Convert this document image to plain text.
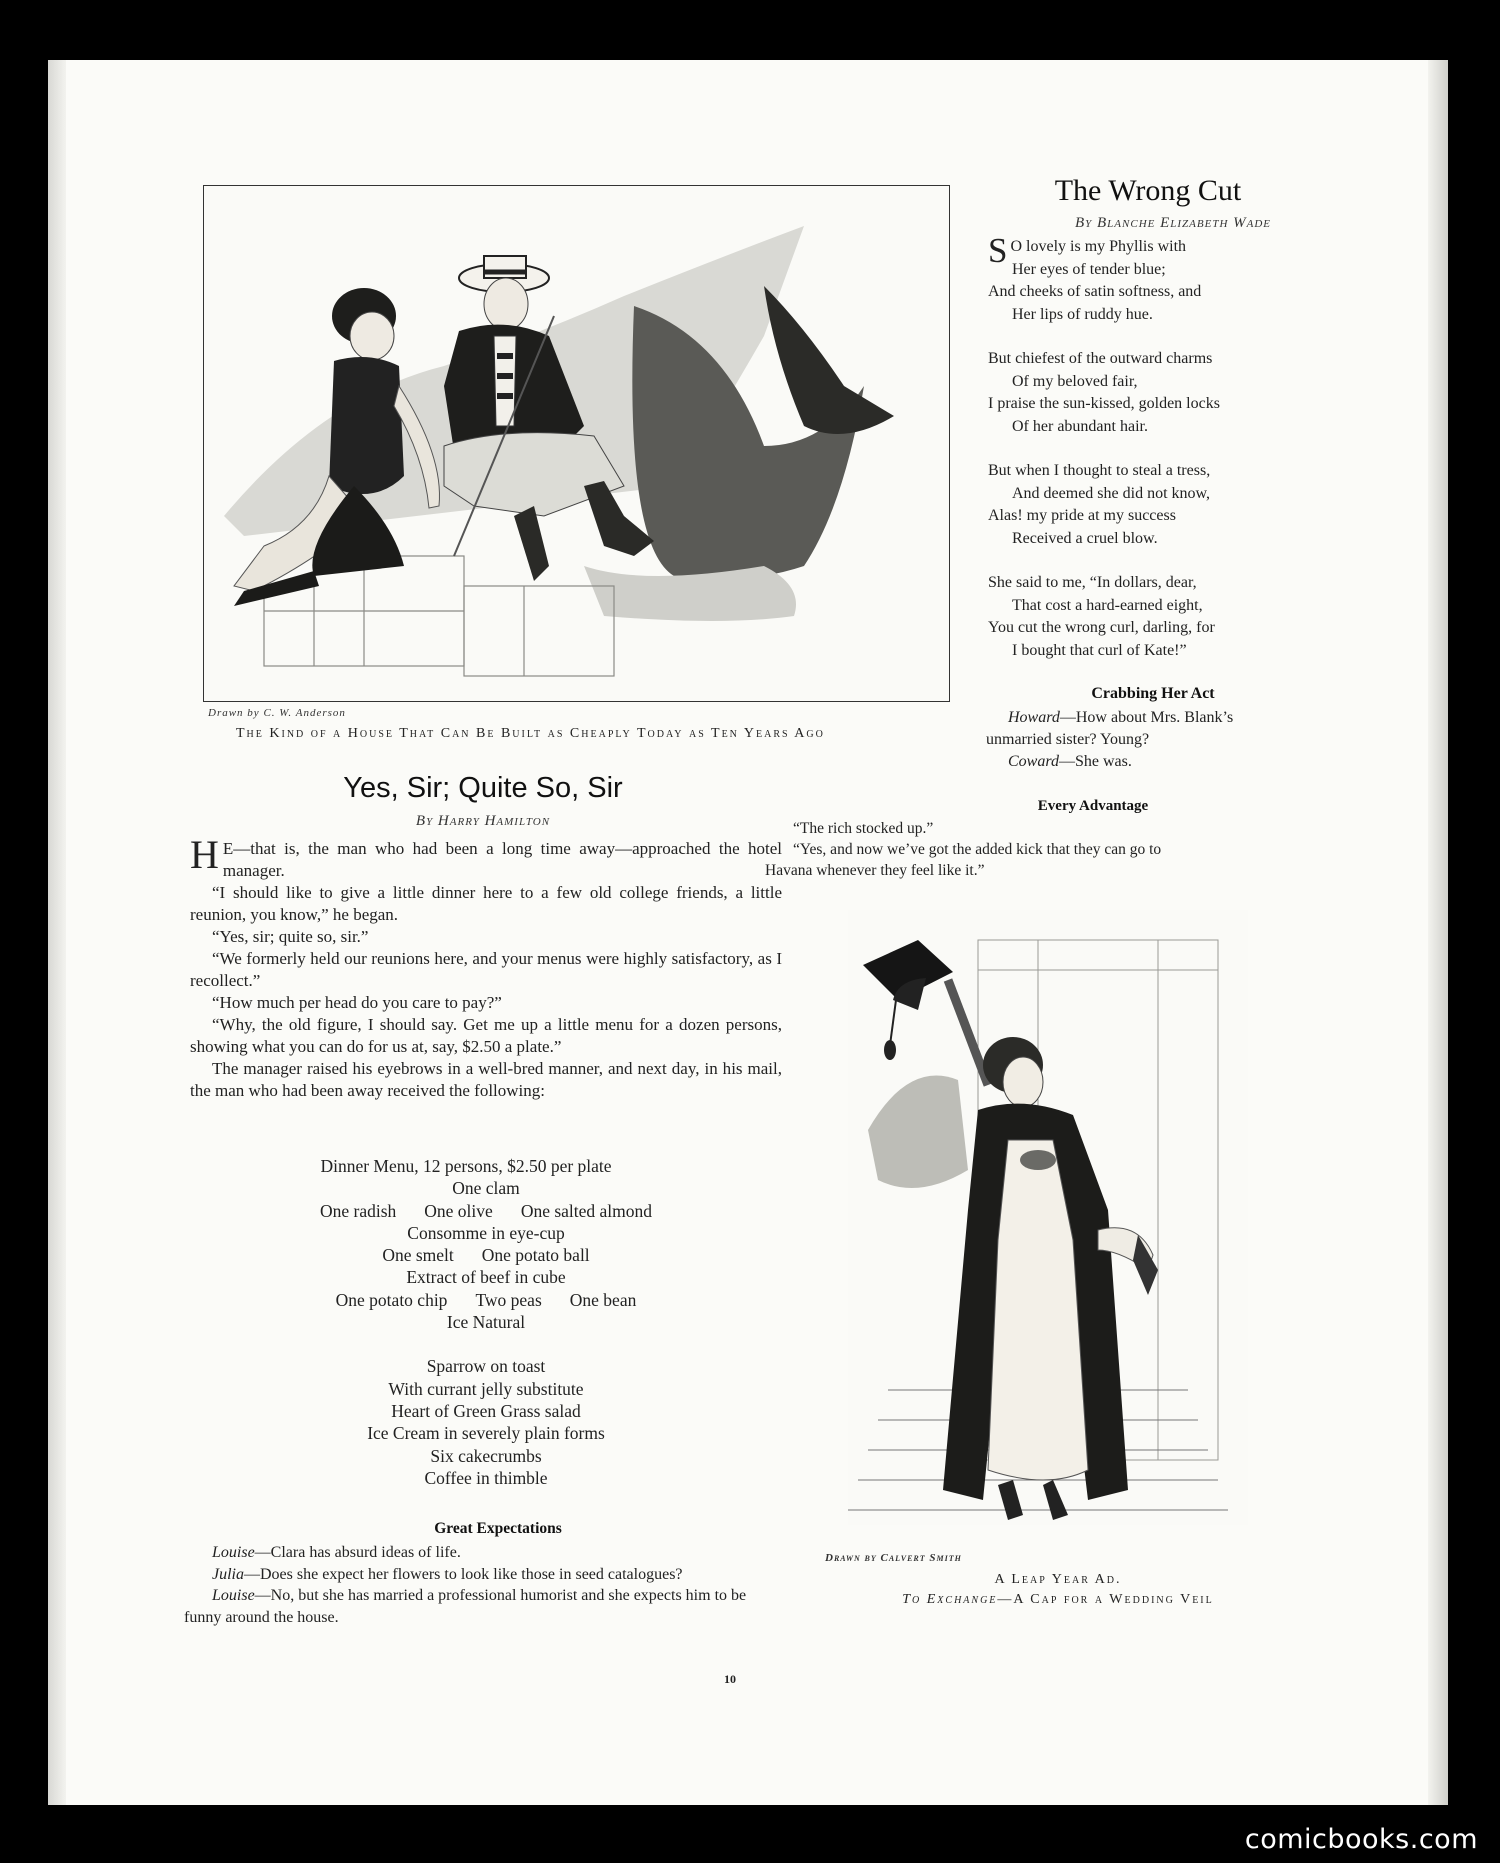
Drawn by C. W. Anderson
The Kind of a House That Can Be Built as Cheaply Today as Ten Years Ago
The Wrong Cut
By Blanche Elizabeth Wade
S O lovely is my Phyllis with
Her eyes of tender blue;
And cheeks of satin softness, and
Her lips of ruddy hue.
But chiefest of the outward charms
Of my beloved fair,
I praise the sun-kissed, golden locks
Of her abundant hair.
But when I thought to steal a tress,
And deemed she did not know,
Alas! my pride at my success
Received a cruel blow.
She said to me, “In dollars, dear,
That cost a hard-earned eight,
You cut the wrong curl, darling, for
I bought that curl of Kate!”
Crabbing Her Act
Howard—How about Mrs. Blank’s
unmarried sister? Young?
Coward—She was.
Every Advantage
“The rich stocked up.”
“Yes, and now we’ve got the added kick that they can go to
Havana whenever they feel like it.”
Yes, Sir; Quite So, Sir
By Harry Hamilton

H E—that is, the man who had been a long time away—approached the hotel manager.

“I should like to give a little dinner here to a few old college friends, a little reunion, you know,” he began.

“Yes, sir; quite so, sir.”

“We formerly held our reunions here, and your menus were highly satisfactory, as I recollect.”

“How much per head do you care to pay?”

“Why, the old figure, I should say. Get me up a little menu for a dozen persons, showing what you can do for us at, say, $2.50 a plate.”

The manager raised his eyebrows in a well-bred manner, and next day, in his mail, the man who had been away received the following:

Dinner Menu, 12 persons, $2.50 per plate
One clam
One radish One olive One salted almond
Consomme in eye-cup
One smelt One potato ball
Extract of beef in cube
One potato chip Two peas One bean
Ice Natural
Sparrow on toast
With currant jelly substitute
Heart of Green Grass salad
Ice Cream in severely plain forms
Six cakecrumbs
Coffee in thimble
Great Expectations
Louise—Clara has absurd ideas of life.
Julia—Does she expect her flowers to look like those in seed catalogues?
Louise—No, but she has married a professional humorist and she expects him to be funny around the house.
Drawn by Calvert Smith
A Leap Year Ad.
To Exchange—A Cap for a Wedding Veil
10
comicbooks.com
